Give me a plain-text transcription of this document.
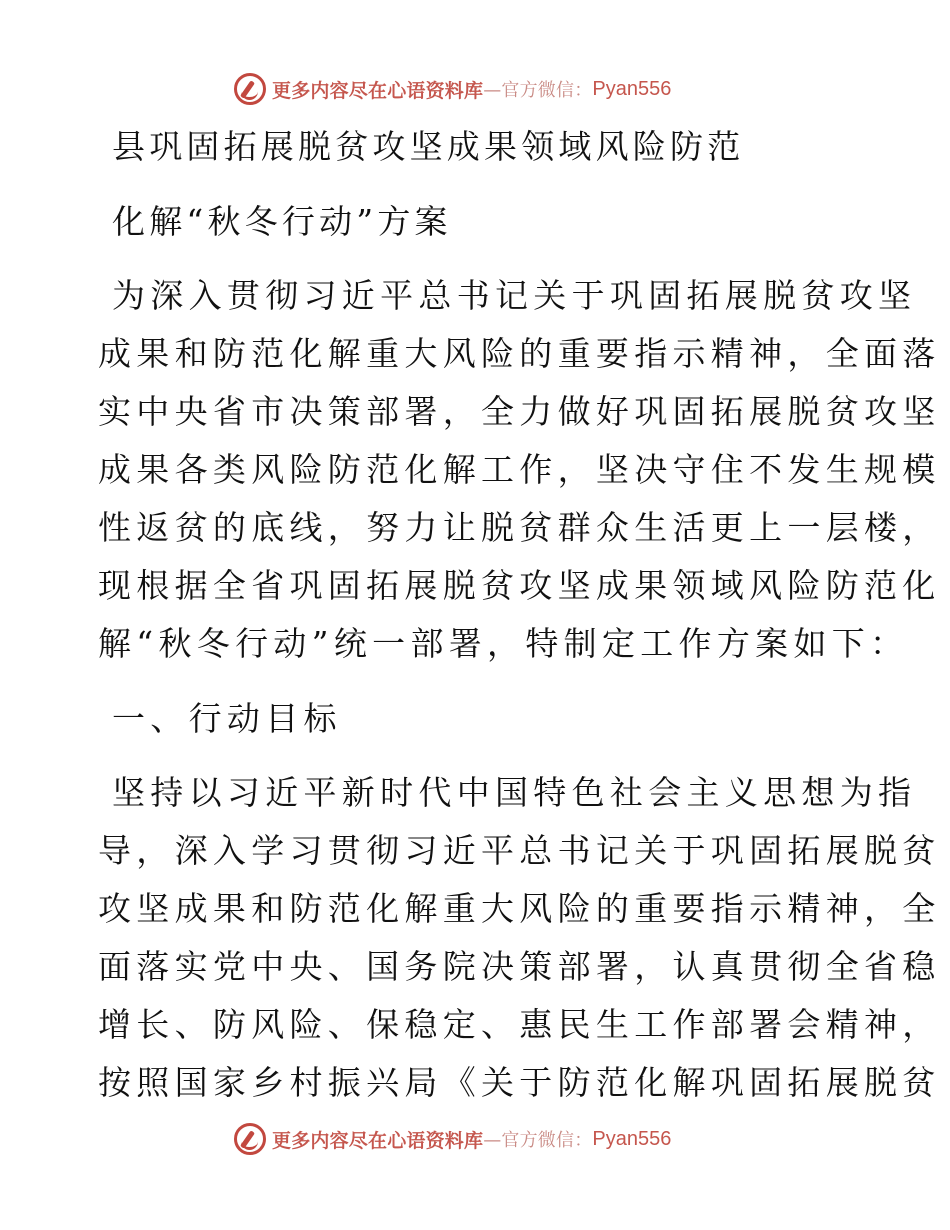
更多内容尽在心语资料库 —官方微信： Pyan556
县巩固拓展脱贫攻坚成果领域风险防范
化解“秋冬行动”方案
为深入贯彻习近平总书记关于巩固拓展脱贫攻坚
成果和防范化解重大风险的重要指示精神，全面落
实中央省市决策部署，全力做好巩固拓展脱贫攻坚
成果各类风险防范化解工作，坚决守住不发生规模
性返贫的底线，努力让脱贫群众生活更上一层楼，
现根据全省巩固拓展脱贫攻坚成果领域风险防范化
解“秋冬行动”统一部署，特制定工作方案如下：
一、行动目标
坚持以习近平新时代中国特色社会主义思想为指
导，深入学习贯彻习近平总书记关于巩固拓展脱贫
攻坚成果和防范化解重大风险的重要指示精神，全
面落实党中央、国务院决策部署，认真贯彻全省稳
增长、防风险、保稳定、惠民生工作部署会精神，
按照国家乡村振兴局《关于防范化解巩固拓展脱贫
更多内容尽在心语资料库 —官方微信： Pyan556
